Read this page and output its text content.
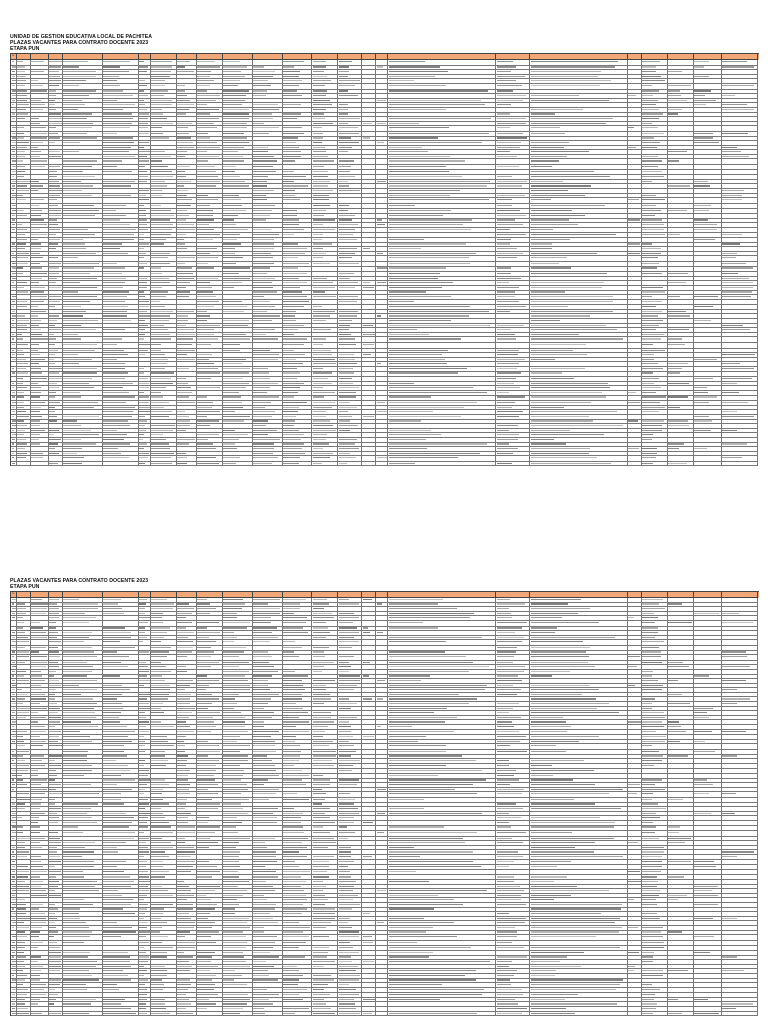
UNIDAD DE GESTION EDUCATIVA LOCAL DE PACHITEA

PLAZAS VACANTES PARA CONTRATO DOCENTE 2023

ETAPA PUN

N°

PLAZAS VACANTES PARA CONTRATO DOCENTE 2023

ETAPA PUN

N°
